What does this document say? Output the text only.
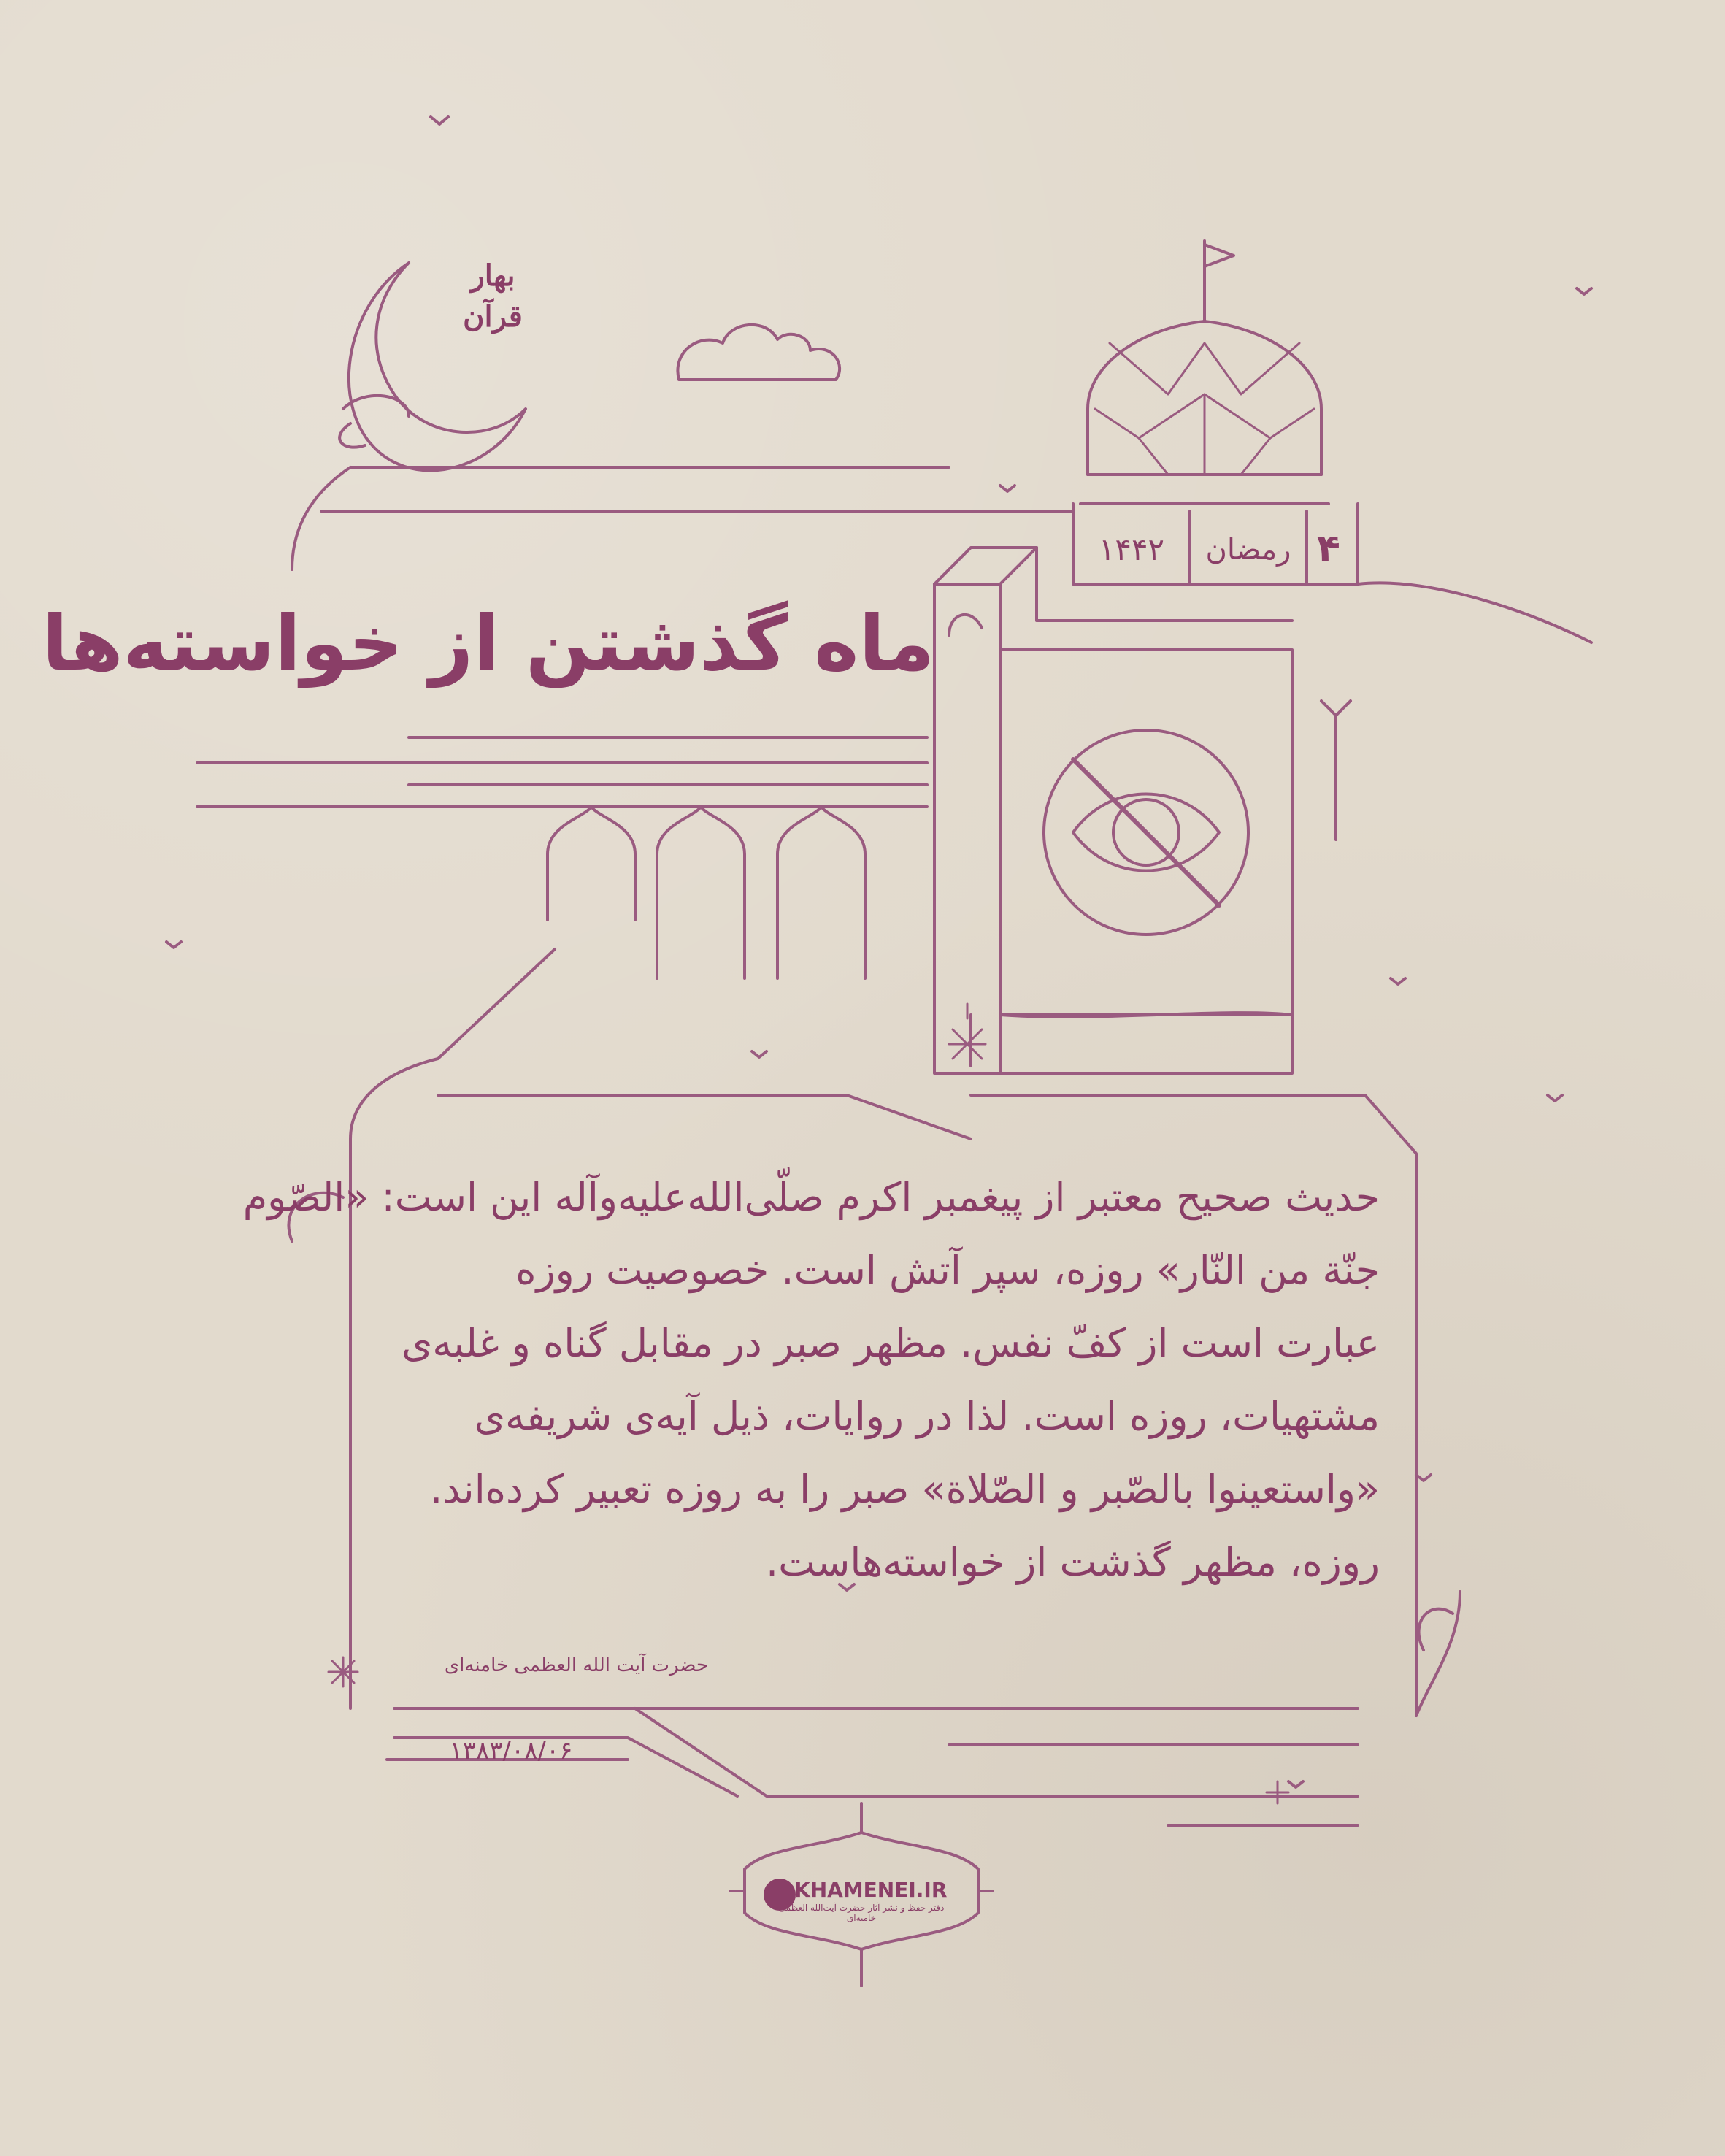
بهار قرآن
۴
رمضان
۱۴۴۲
ماه گذشتن از خواسته‌ها

حدیث صحیح معتبر از پیغمبر اکرم صلّی‌الله‌علیه‌وآله این است: «الصّوم

جنّة من النّار» روزه، سپر آتش است. خصوصیت روزه

عبارت است از کفّ نفس. مظهر صبر در مقابل گناه و غلبه‌ی

مشتهیات، روزه است. لذا در روایات، ذیل آیه‌ی شریفه‌ی

«واستعینوا بالصّبر و الصّلاة» صبر را به روزه تعبیر کرده‌اند.

روزه، مظهر گذشت از خواسته‌هاست.

حضرت آیت الله العظمی خامنه‌ای
۱۳۸۳/۰۸/۰۶
KHAMENEI.IR
دفتر حفظ و نشر آثار حضرت آیت‌الله العظمی خامنه‌ای
